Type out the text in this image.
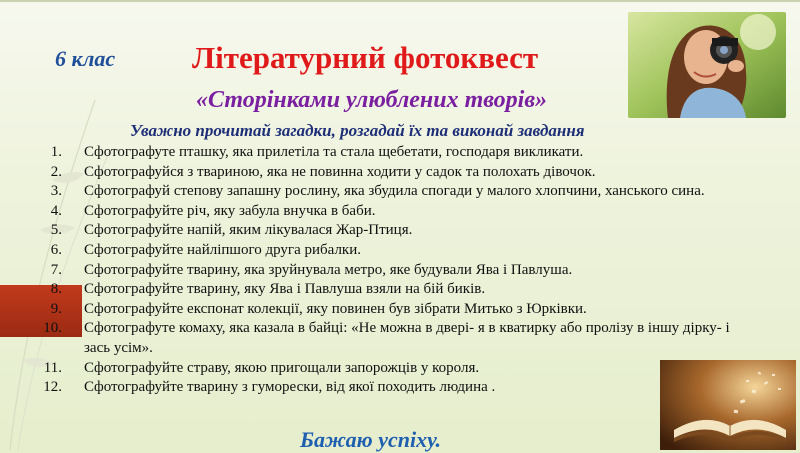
6 клас Літературний фотоквест
«Сторінками улюблених творів»
Уважно прочитай загадки, розгадай їх та виконай завдання
1. Сфотографуте пташку, яка прилетіла та стала щебетати, господаря викликати.
2. Сфотографуйся з твариною, яка не повинна ходити у садок та полохать дівочок.
3. Сфотографуй степову запашну рослину, яка збудила спогади у малого хлопчини, ханського сина.
4. Сфотографуйте річ, яку забула внучка в баби.
5. Сфотографуйте напій, яким лікувалася Жар-Птиця.
6. Сфотографуйте найліпшого друга рибалки.
7. Сфотографуйте тварину, яка зруйнувала метро, яке будували Ява і Павлуша.
8. Сфотографуйте тварину, яку Ява і Павлуша взяли на бій биків.
9. Сфотографуйте експонат колекції, яку повинен був зібрати Митько з Юрківки.
10. Сфотографуте комаху, яка казала в байці: «Не можна в двері- я в кватирку або пролізу в іншу дірку- і зась усім».
11. Сфотографуйте страву, якою пригощали запорожців у короля.
12. Сфотографуйте тварину з гуморески, від якої походить людина .
Бажаю успіху.
